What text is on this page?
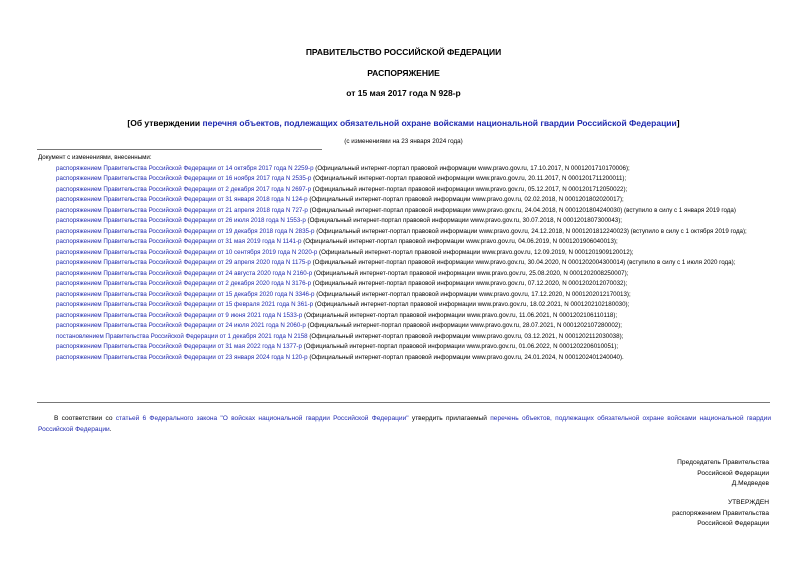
ПРАВИТЕЛЬСТВО РОССИЙСКОЙ ФЕДЕРАЦИИ
РАСПОРЯЖЕНИЕ
от 15 мая 2017 года N 928-р
[Об утверждении перечня объектов, подлежащих обязательной охране войсками национальной гвардии Российской Федерации]
(с изменениями на 23 января 2024 года)
Документ с изменениями, внесенными:
распоряжением Правительства Российской Федерации от 14 октября 2017 года N 2259-р (Официальный интернет-портал правовой информации www.pravo.gov.ru, 17.10.2017, N 0001201710170006);
распоряжением Правительства Российской Федерации от 16 ноября 2017 года N 2535-р (Официальный интернет-портал правовой информации www.pravo.gov.ru, 20.11.2017, N 0001201711200011);
распоряжением Правительства Российской Федерации от 2 декабря 2017 года N 2697-р (Официальный интернет-портал правовой информации www.pravo.gov.ru, 05.12.2017, N 0001201712050022);
распоряжением Правительства Российской Федерации от 31 января 2018 года N 124-р (Официальный интернет-портал правовой информации www.pravo.gov.ru, 02.02.2018, N 0001201802020017);
распоряжением Правительства Российской Федерации от 21 апреля 2018 года N 727-р (Официальный интернет-портал правовой информации www.pravo.gov.ru, 24.04.2018, N 0001201804240030) (вступило в силу с 1 января 2019 года)
распоряжением Правительства Российской Федерации от 26 июля 2018 года N 1553-р (Официальный интернет-портал правовой информации www.pravo.gov.ru, 30.07.2018, N 0001201807300043);
распоряжением Правительства Российской Федерации от 19 декабря 2018 года N 2835-р (Официальный интернет-портал правовой информации www.pravo.gov.ru, 24.12.2018, N 0001201812240023) (вступило в силу с 1 октября 2019 года);
распоряжением Правительства Российской Федерации от 31 мая 2019 года N 1141-р (Официальный интернет-портал правовой информации www.pravo.gov.ru, 04.06.2019, N 0001201906040013);
распоряжением Правительства Российской Федерации от 10 сентября 2019 года N 2020-р (Официальный интернет-портал правовой информации www.pravo.gov.ru, 12.09.2019, N 0001201909120012);
распоряжением Правительства Российской Федерации от 29 апреля 2020 года N 1175-р (Официальный интернет-портал правовой информации www.pravo.gov.ru, 30.04.2020, N 0001202004300014) (вступило в силу с 1 июля 2020 года);
распоряжением Правительства Российской Федерации от 24 августа 2020 года N 2160-р (Официальный интернет-портал правовой информации www.pravo.gov.ru, 25.08.2020, N 0001202008250007);
распоряжением Правительства Российской Федерации от 2 декабря 2020 года N 3176-р (Официальный интернет-портал правовой информации www.pravo.gov.ru, 07.12.2020, N 0001202012070032);
распоряжением Правительства Российской Федерации от 15 декабря 2020 года N 3346-р (Официальный интернет-портал правовой информации www.pravo.gov.ru, 17.12.2020, N 0001202012170013);
распоряжением Правительства Российской Федерации от 15 февраля 2021 года N 361-р (Официальный интернет-портал правовой информации www.pravo.gov.ru, 18.02.2021, N 0001202102180030);
распоряжением Правительства Российской Федерации от 9 июня 2021 года N 1533-р (Официальный интернет-портал правовой информации www.pravo.gov.ru, 11.06.2021, N 0001202106110118);
распоряжением Правительства Российской Федерации от 24 июля 2021 года N 2060-р (Официальный интернет-портал правовой информации www.pravo.gov.ru, 28.07.2021, N 0001202107280002);
постановлением Правительства Российской Федерации от 1 декабря 2021 года N 2158 (Официальный интернет-портал правовой информации www.pravo.gov.ru, 03.12.2021, N 0001202112030038);
распоряжением Правительства Российской Федерации от 31 мая 2022 года N 1377-р (Официальный интернет-портал правовой информации www.pravo.gov.ru, 01.06.2022, N 0001202206010051);
распоряжением Правительства Российской Федерации от 23 января 2024 года N 120-р (Официальный интернет-портал правовой информации www.pravo.gov.ru, 24.01.2024, N 0001202401240040).
В соответствии со статьей 6 Федерального закона "О войсках национальной гвардии Российской Федерации" утвердить прилагаемый перечень объектов, подлежащих обязательной охране войсками национальной гвардии Российской Федерации.
Председатель Правительства
Российской Федерации
Д.Медведев
УТВЕРЖДЕН
распоряжением Правительства
Российской Федерации
